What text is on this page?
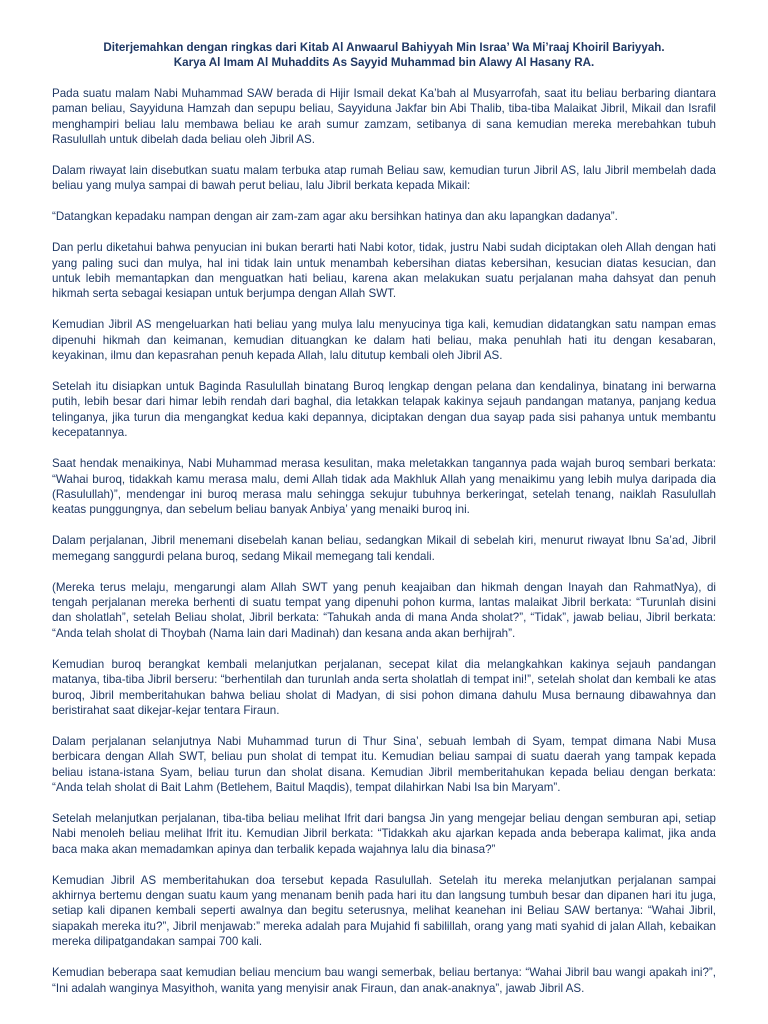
Diterjemahkan dengan ringkas dari Kitab Al Anwaarul Bahiyyah Min Israa’ Wa Mi’raaj Khoiril Bariyyah.
Karya Al Imam Al Muhaddits As Sayyid Muhammad bin Alawy Al Hasany RA.

Pada suatu malam Nabi Muhammad SAW berada di Hijir Ismail dekat Ka’bah al Musyarrofah, saat itu beliau berbaring diantara paman beliau, Sayyiduna Hamzah dan sepupu beliau, Sayyiduna Jakfar bin Abi Thalib, tiba-tiba Malaikat Jibril, Mikail dan Israfil menghampiri beliau lalu membawa beliau ke arah sumur zamzam, setibanya di sana kemudian mereka merebahkan tubuh Rasulullah untuk dibelah dada beliau oleh Jibril AS.

Dalam riwayat lain disebutkan suatu malam terbuka atap rumah Beliau saw, kemudian turun Jibril AS, lalu Jibril membelah dada beliau yang mulya sampai di bawah perut beliau, lalu Jibril berkata kepada Mikail:

“Datangkan kepadaku nampan dengan air zam-zam agar aku bersihkan hatinya dan aku lapangkan dadanya”.

Dan perlu diketahui bahwa penyucian ini bukan berarti hati Nabi kotor, tidak, justru Nabi sudah diciptakan oleh Allah dengan hati yang paling suci dan mulya, hal ini tidak lain untuk menambah kebersihan diatas kebersihan, kesucian diatas kesucian, dan untuk lebih memantapkan dan menguatkan hati beliau, karena akan melakukan suatu perjalanan maha dahsyat dan penuh hikmah serta sebagai kesiapan untuk berjumpa dengan Allah SWT.

Kemudian Jibril AS mengeluarkan hati beliau yang mulya lalu menyucinya tiga kali, kemudian didatangkan satu nampan emas dipenuhi hikmah dan keimanan, kemudian dituangkan ke dalam hati beliau, maka penuhlah hati itu dengan kesabaran, keyakinan, ilmu dan kepasrahan penuh kepada Allah, lalu ditutup kembali oleh Jibril AS.

Setelah itu disiapkan untuk Baginda Rasulullah binatang Buroq lengkap dengan pelana dan kendalinya, binatang ini berwarna putih, lebih besar dari himar lebih rendah dari baghal, dia letakkan telapak kakinya sejauh pandangan matanya, panjang kedua telinganya, jika turun dia mengangkat kedua kaki depannya, diciptakan dengan dua sayap pada sisi pahanya untuk membantu kecepatannya.

Saat hendak menaikinya, Nabi Muhammad merasa kesulitan, maka meletakkan tangannya pada wajah buroq sembari berkata: “Wahai buroq, tidakkah kamu merasa malu, demi Allah tidak ada Makhluk Allah yang menaikimu yang lebih mulya daripada dia (Rasulullah)”, mendengar ini buroq merasa malu sehingga sekujur tubuhnya berkeringat, setelah tenang, naiklah Rasulullah keatas punggungnya, dan sebelum beliau banyak Anbiya’ yang menaiki buroq ini.

Dalam perjalanan, Jibril menemani disebelah kanan beliau, sedangkan Mikail di sebelah kiri, menurut riwayat Ibnu Sa’ad, Jibril memegang sanggurdi pelana buroq, sedang Mikail memegang tali kendali.

(Mereka terus melaju, mengarungi alam Allah SWT yang penuh keajaiban dan hikmah dengan Inayah dan RahmatNya), di tengah perjalanan mereka berhenti di suatu tempat yang dipenuhi pohon kurma, lantas malaikat Jibril berkata: “Turunlah disini dan sholatlah”, setelah Beliau sholat, Jibril berkata: “Tahukah anda di mana Anda sholat?”, “Tidak”, jawab beliau, Jibril berkata: “Anda telah sholat di Thoybah (Nama lain dari Madinah) dan kesana anda akan berhijrah”.

Kemudian buroq berangkat kembali melanjutkan perjalanan, secepat kilat dia melangkahkan kakinya sejauh pandangan matanya, tiba-tiba Jibril berseru: “berhentilah dan turunlah anda serta sholatlah di tempat ini!”, setelah sholat dan kembali ke atas buroq, Jibril memberitahukan bahwa beliau sholat di Madyan, di sisi pohon dimana dahulu Musa bernaung dibawahnya dan beristirahat saat dikejar-kejar tentara Firaun.

Dalam perjalanan selanjutnya Nabi Muhammad turun di Thur Sina’, sebuah lembah di Syam, tempat dimana Nabi Musa berbicara dengan Allah SWT, beliau pun sholat di tempat itu. Kemudian beliau sampai di suatu daerah yang tampak kepada beliau istana-istana Syam, beliau turun dan sholat disana. Kemudian Jibril memberitahukan kepada beliau dengan berkata: “Anda telah sholat di Bait Lahm (Betlehem, Baitul Maqdis), tempat dilahirkan Nabi Isa bin Maryam”.

Setelah melanjutkan perjalanan, tiba-tiba beliau melihat Ifrit dari bangsa Jin yang mengejar beliau dengan semburan api, setiap Nabi menoleh beliau melihat Ifrit itu. Kemudian Jibril berkata: “Tidakkah aku ajarkan kepada anda beberapa kalimat, jika anda baca maka akan memadamkan apinya dan terbalik kepada wajahnya lalu dia binasa?”

Kemudian Jibril AS memberitahukan doa tersebut kepada Rasulullah. Setelah itu mereka melanjutkan perjalanan sampai akhirnya bertemu dengan suatu kaum yang menanam benih pada hari itu dan langsung tumbuh besar dan dipanen hari itu juga, setiap kali dipanen kembali seperti awalnya dan begitu seterusnya, melihat keanehan ini Beliau SAW bertanya: “Wahai Jibril, siapakah mereka itu?”, Jibril menjawab:” mereka adalah para Mujahid fi sabilillah, orang yang mati syahid di jalan Allah, kebaikan mereka dilipatgandakan sampai 700 kali.

Kemudian beberapa saat kemudian beliau mencium bau wangi semerbak, beliau bertanya: “Wahai Jibril bau wangi apakah ini?”, “Ini adalah wanginya Masyithoh, wanita yang menyisir anak Firaun, dan anak-anaknya”, jawab Jibril AS.
